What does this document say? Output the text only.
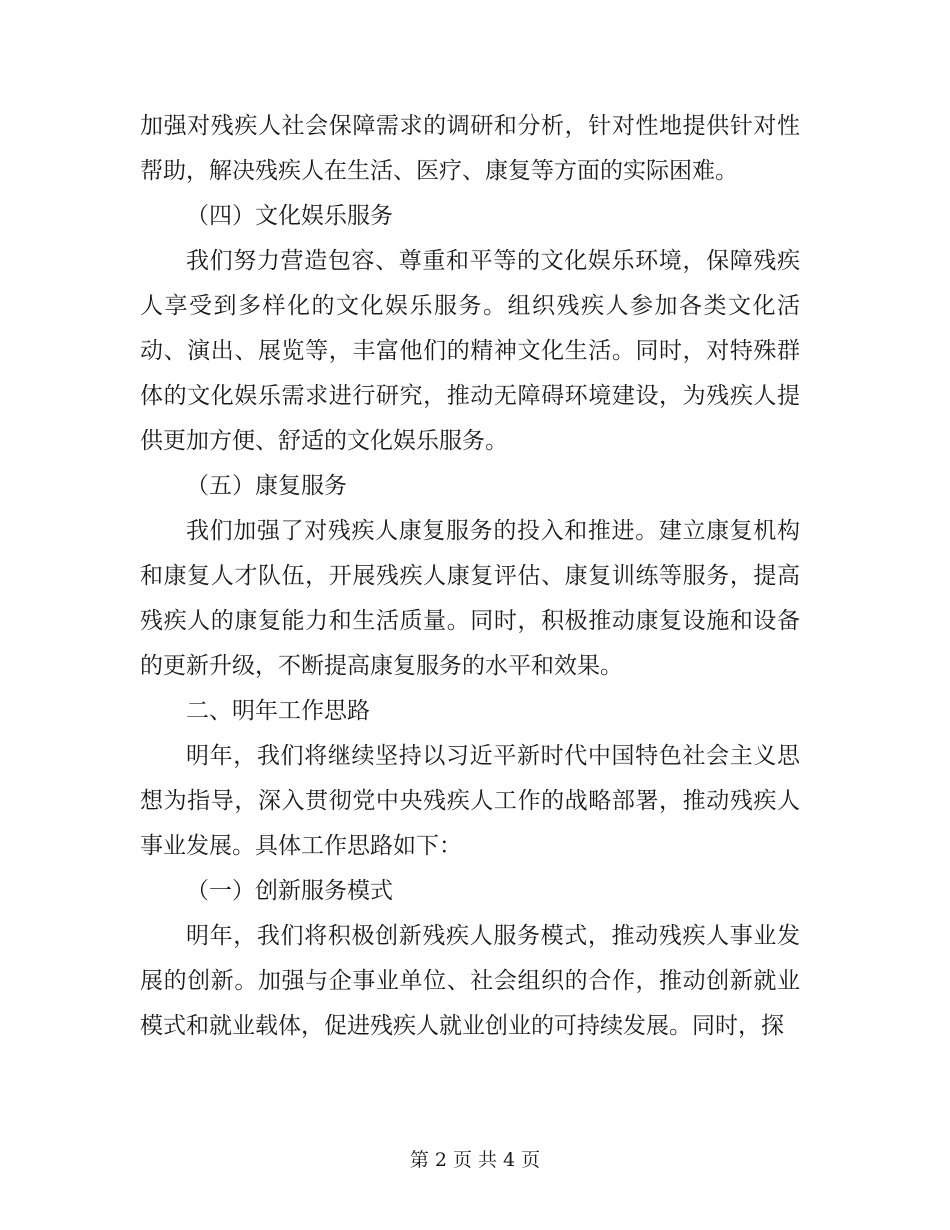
加强对残疾人社会保障需求的调研和分析，针对性地提供针对性帮助，解决残疾人在生活、医疗、康复等方面的实际困难。

（四）文化娱乐服务

我们努力营造包容、尊重和平等的文化娱乐环境，保障残疾人享受到多样化的文化娱乐服务。组织残疾人参加各类文化活动、演出、展览等，丰富他们的精神文化生活。同时，对特殊群体的文化娱乐需求进行研究，推动无障碍环境建设，为残疾人提供更加方便、舒适的文化娱乐服务。

（五）康复服务

我们加强了对残疾人康复服务的投入和推进。建立康复机构和康复人才队伍，开展残疾人康复评估、康复训练等服务，提高残疾人的康复能力和生活质量。同时，积极推动康复设施和设备的更新升级，不断提高康复服务的水平和效果。

二、明年工作思路

明年，我们将继续坚持以习近平新时代中国特色社会主义思想为指导，深入贯彻党中央残疾人工作的战略部署，推动残疾人事业发展。具体工作思路如下：

（一）创新服务模式

明年，我们将积极创新残疾人服务模式，推动残疾人事业发展的创新。加强与企事业单位、社会组织的合作，推动创新就业模式和就业载体，促进残疾人就业创业的可持续发展。同时，探

第 2 页 共 4 页
